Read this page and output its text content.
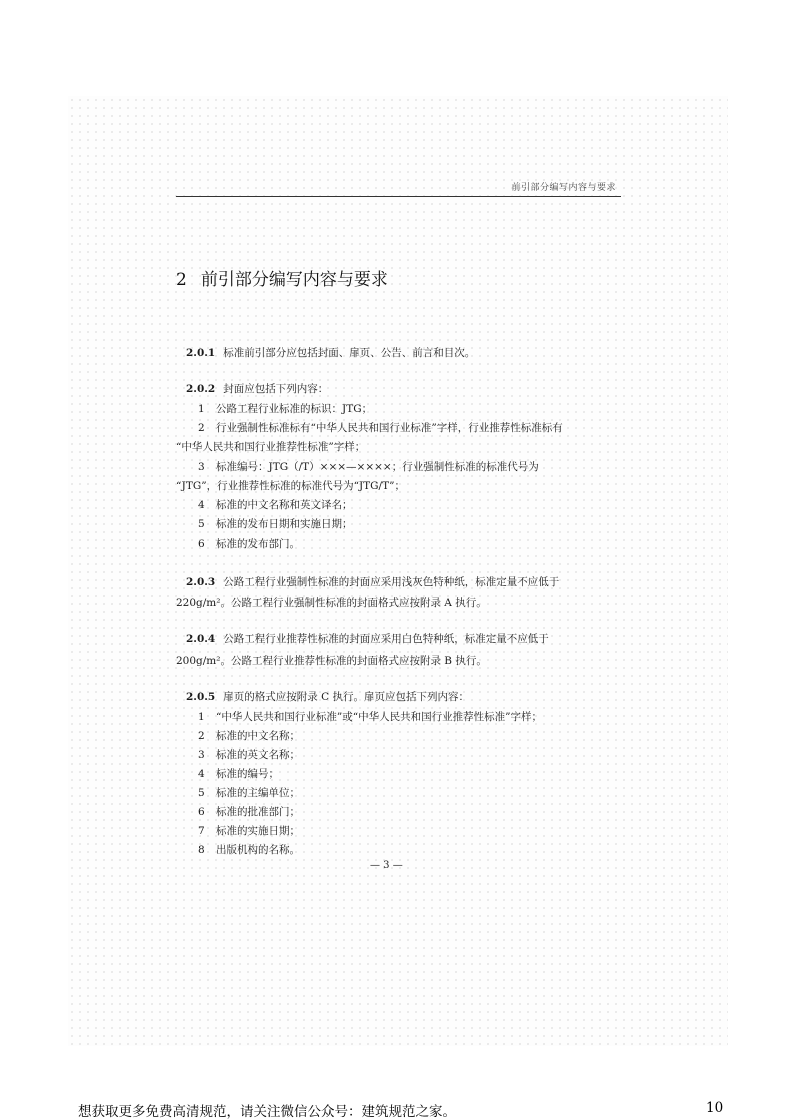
前引部分编写内容与要求
2 前引部分编写内容与要求
2.0.1 标准前引部分应包括封面、扉页、公告、前言和目次。
2.0.2 封面应包括下列内容：
1 公路工程行业标准的标识：JTG；
2 行业强制性标准标有“中华人民共和国行业标准”字样，行业推荐性标准标有
“中华人民共和国行业推荐性标准”字样；
3 标准编号：JTG（/T）×××—××××；行业强制性标准的标准代号为
“JTG”，行业推荐性标准的标准代号为“JTG/T”；
4 标准的中文名称和英文译名；
5 标准的发布日期和实施日期；
6 标准的发布部门。
2.0.3 公路工程行业强制性标准的封面应采用浅灰色特种纸，标准定量不应低于
220g/m²。公路工程行业强制性标准的封面格式应按附录 A 执行。
2.0.4 公路工程行业推荐性标准的封面应采用白色特种纸，标准定量不应低于
200g/m²。公路工程行业推荐性标准的封面格式应按附录 B 执行。
2.0.5 扉页的格式应按附录 C 执行。扉页应包括下列内容：
1 “中华人民共和国行业标准”或“中华人民共和国行业推荐性标准”字样；
2 标准的中文名称；
3 标准的英文名称；
4 标准的编号；
5 标准的主编单位；
6 标准的批准部门；
7 标准的实施日期；
8 出版机构的名称。
— 3 —
想获取更多免费高清规范，请关注微信公众号：建筑规范之家。	10
